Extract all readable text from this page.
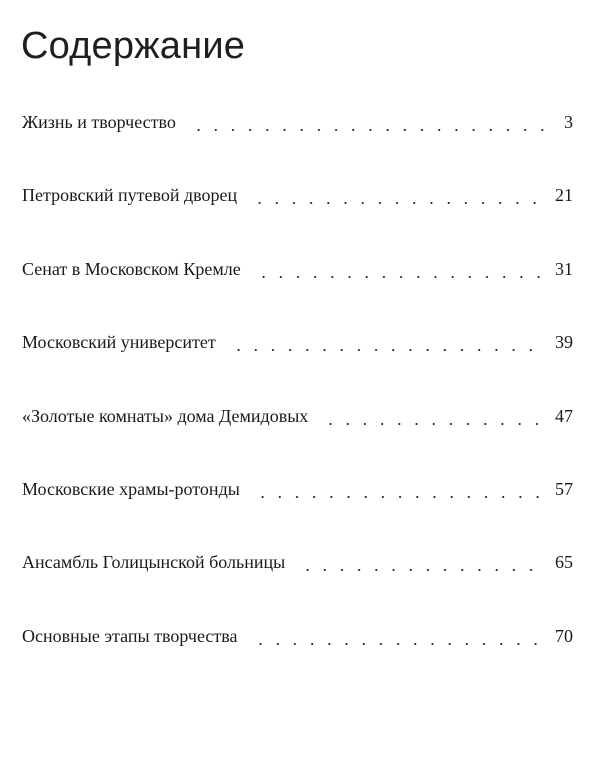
Содержание
Жизнь и творчество	3
Петровский путевой дворец	21
Сенат в Московском Кремле	31
Московский университет	39
«Золотые комнаты» дома Демидовых	47
Московские храмы-ротонды	57
Ансамбль Голицынской больницы	65
Основные этапы творчества	70
